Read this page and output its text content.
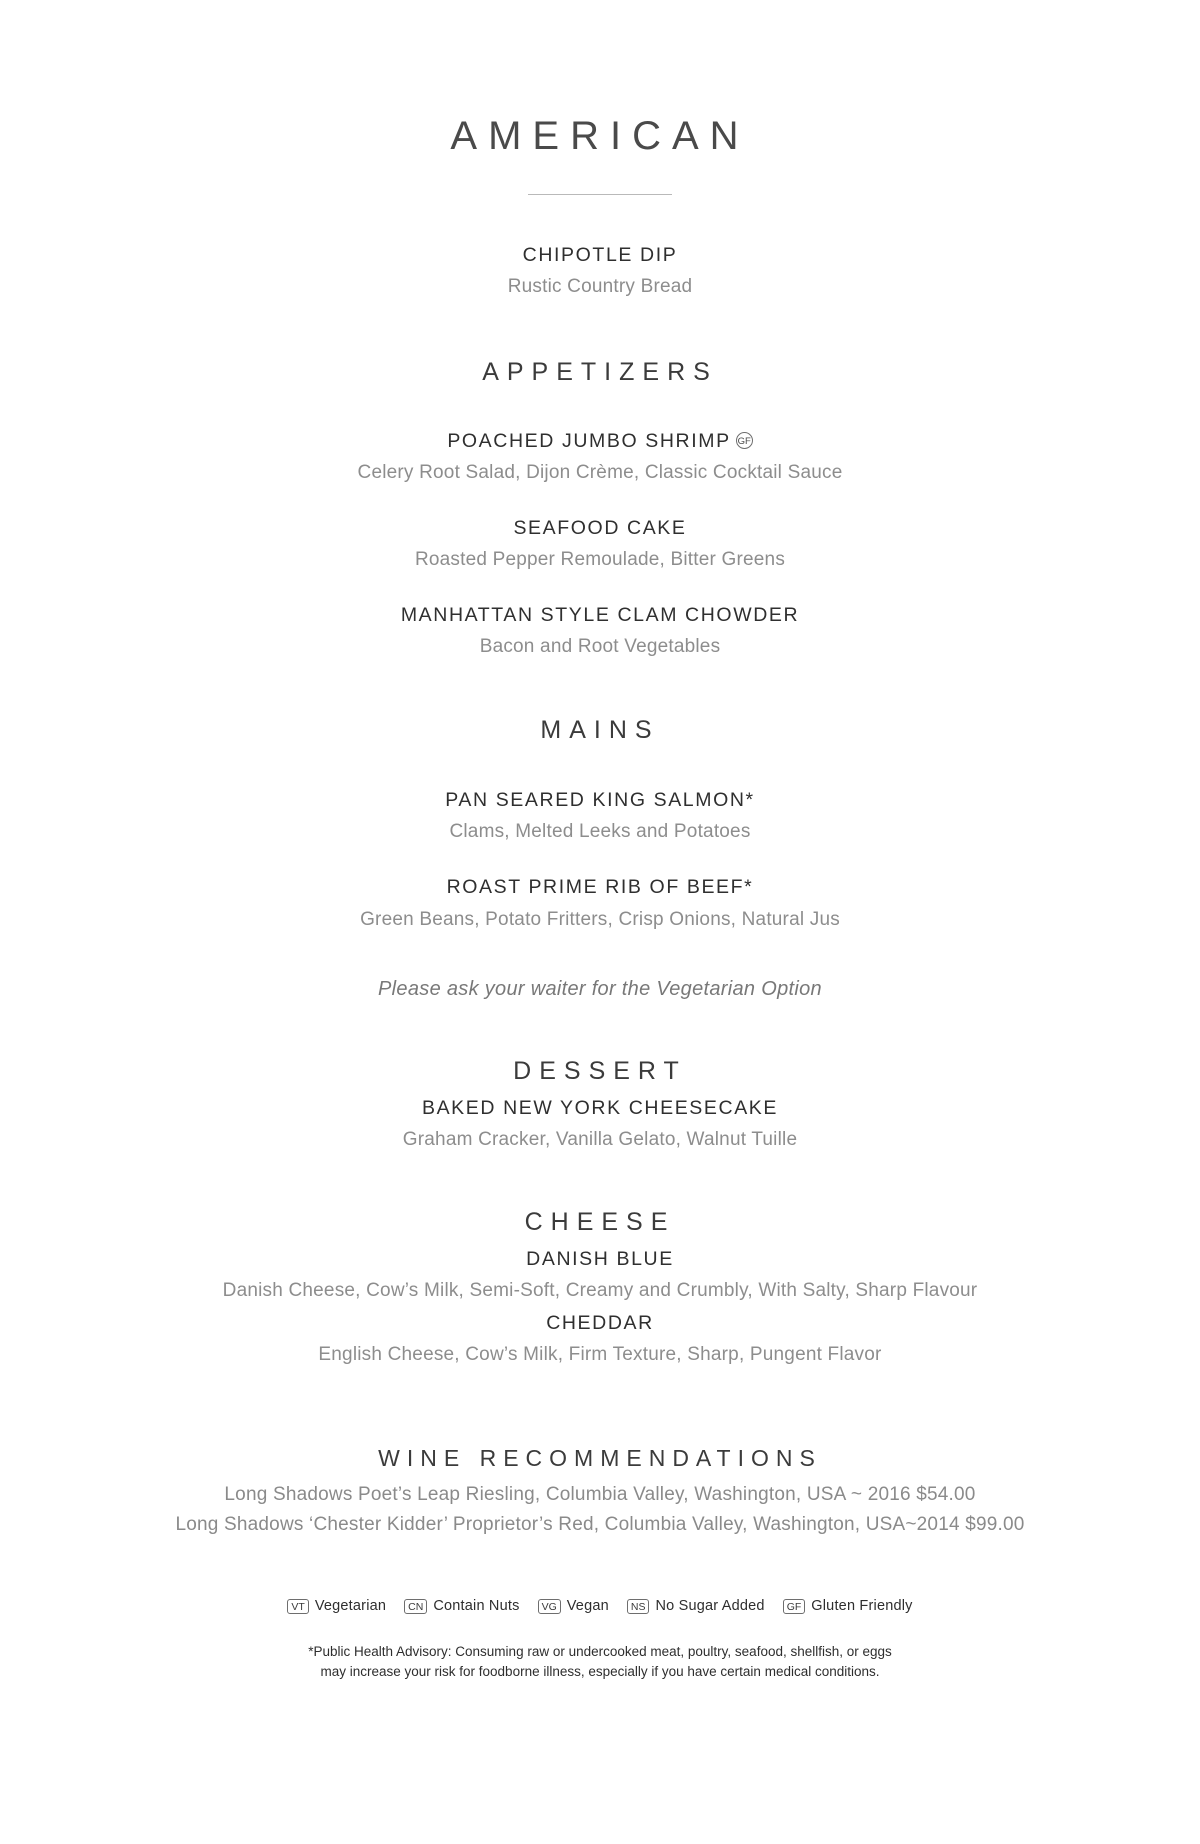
AMERICAN
CHIPOTLE DIP
Rustic Country Bread
APPETIZERS
POACHED JUMBO SHRIMP GF
Celery Root Salad, Dijon Crème, Classic Cocktail Sauce
SEAFOOD CAKE
Roasted Pepper Remoulade, Bitter Greens
MANHATTAN STYLE CLAM CHOWDER
Bacon and Root Vegetables
MAINS
PAN SEARED KING SALMON*
Clams, Melted Leeks and Potatoes
ROAST PRIME RIB OF BEEF*
Green Beans, Potato Fritters, Crisp Onions, Natural Jus
Please ask your waiter for the Vegetarian Option
DESSERT
BAKED NEW YORK CHEESECAKE
Graham Cracker, Vanilla Gelato, Walnut Tuille
CHEESE
DANISH BLUE
Danish Cheese, Cow’s Milk, Semi-Soft, Creamy and Crumbly, With Salty, Sharp Flavour
CHEDDAR
English Cheese, Cow’s Milk, Firm Texture, Sharp, Pungent Flavor
WINE RECOMMENDATIONS
Long Shadows Poet’s Leap Riesling, Columbia Valley, Washington, USA ~ 2016 $54.00
Long Shadows ‘Chester Kidder’ Proprietor’s Red, Columbia Valley, Washington, USA~2014 $99.00
VT Vegetarian	CN Contain Nuts	VG Vegan	NS No Sugar Added	GF Gluten Friendly
*Public Health Advisory: Consuming raw or undercooked meat, poultry, seafood, shellfish, or eggs
may increase your risk for foodborne illness, especially if you have certain medical conditions.
